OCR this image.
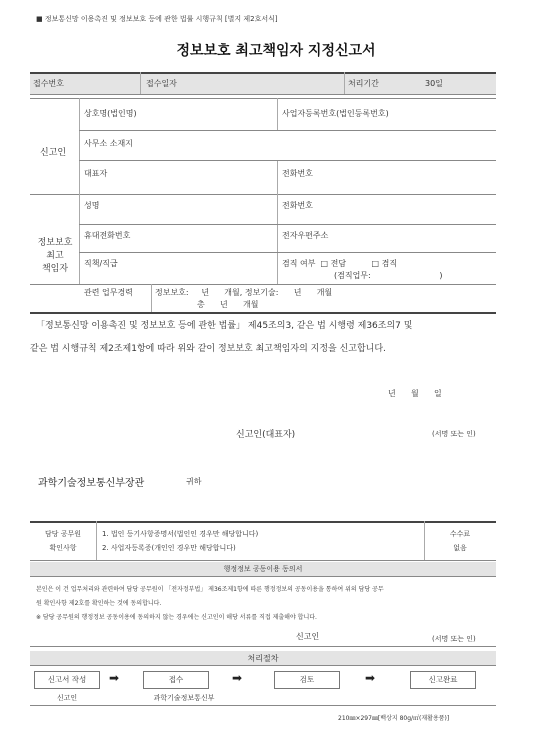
■ 정보통신망 이용촉진 및 정보보호 등에 관한 법률 시행규칙 [별지 제2호서식]
정보보호 최고책임자 지정신고서
접수번호	접수일자	처리기간	30일
신고인
상호명(법인명)	사업자등록번호(법인등록번호)
사무소 소재지
대표자	전화번호
정보보호
최고
책임자
성명	전화번호
휴대전화번호	전자우편주소
직책/직급	겸직 여부  □ 전담          □ 겸직
(겸직업무:                           )
관련 업무경력	정보보호:     년      개월, 정보기술:      년      개월
총      년      개월
「정보통신망 이용촉진 및 정보보호 등에 관한 법률」 제45조의3, 같은 법 시행령 제36조의7 및
같은 법 시행규칙 제2조제1항에 따라 위와 같이 정보보호 최고책임자의 지정을 신고합니다.
년      월      일
신고인(대표자)	(서명 또는 인)
과학기술정보통신부장관	귀하
담당 공무원
확인사항
1. 법인 등기사항증명서(법인인 경우만 해당합니다)
2. 사업자등록증(개인인 경우만 해당합니다)
수수료
없음
행정정보 공동이용 동의서
본인은 이 건 업무처리와 관련하여 담당 공무원이 「전자정부법」 제36조제1항에 따른 행정정보의 공동이용을 통하여 위의 담당 공무
원 확인사항 제2호를 확인하는 것에 동의합니다.
※ 담당 공무원의 행정정보 공동이용에 동의하지 않는 경우에는 신고인이 해당 서류를 직접 제출해야 합니다.
신고인	(서명 또는 인)
처리절차
신고서 작성	➡	접수	➡	검토	➡	신고완료
신고인	과학기술정보통신부
210㎜×297㎜[백상지 80g/㎡(재활용품)]
